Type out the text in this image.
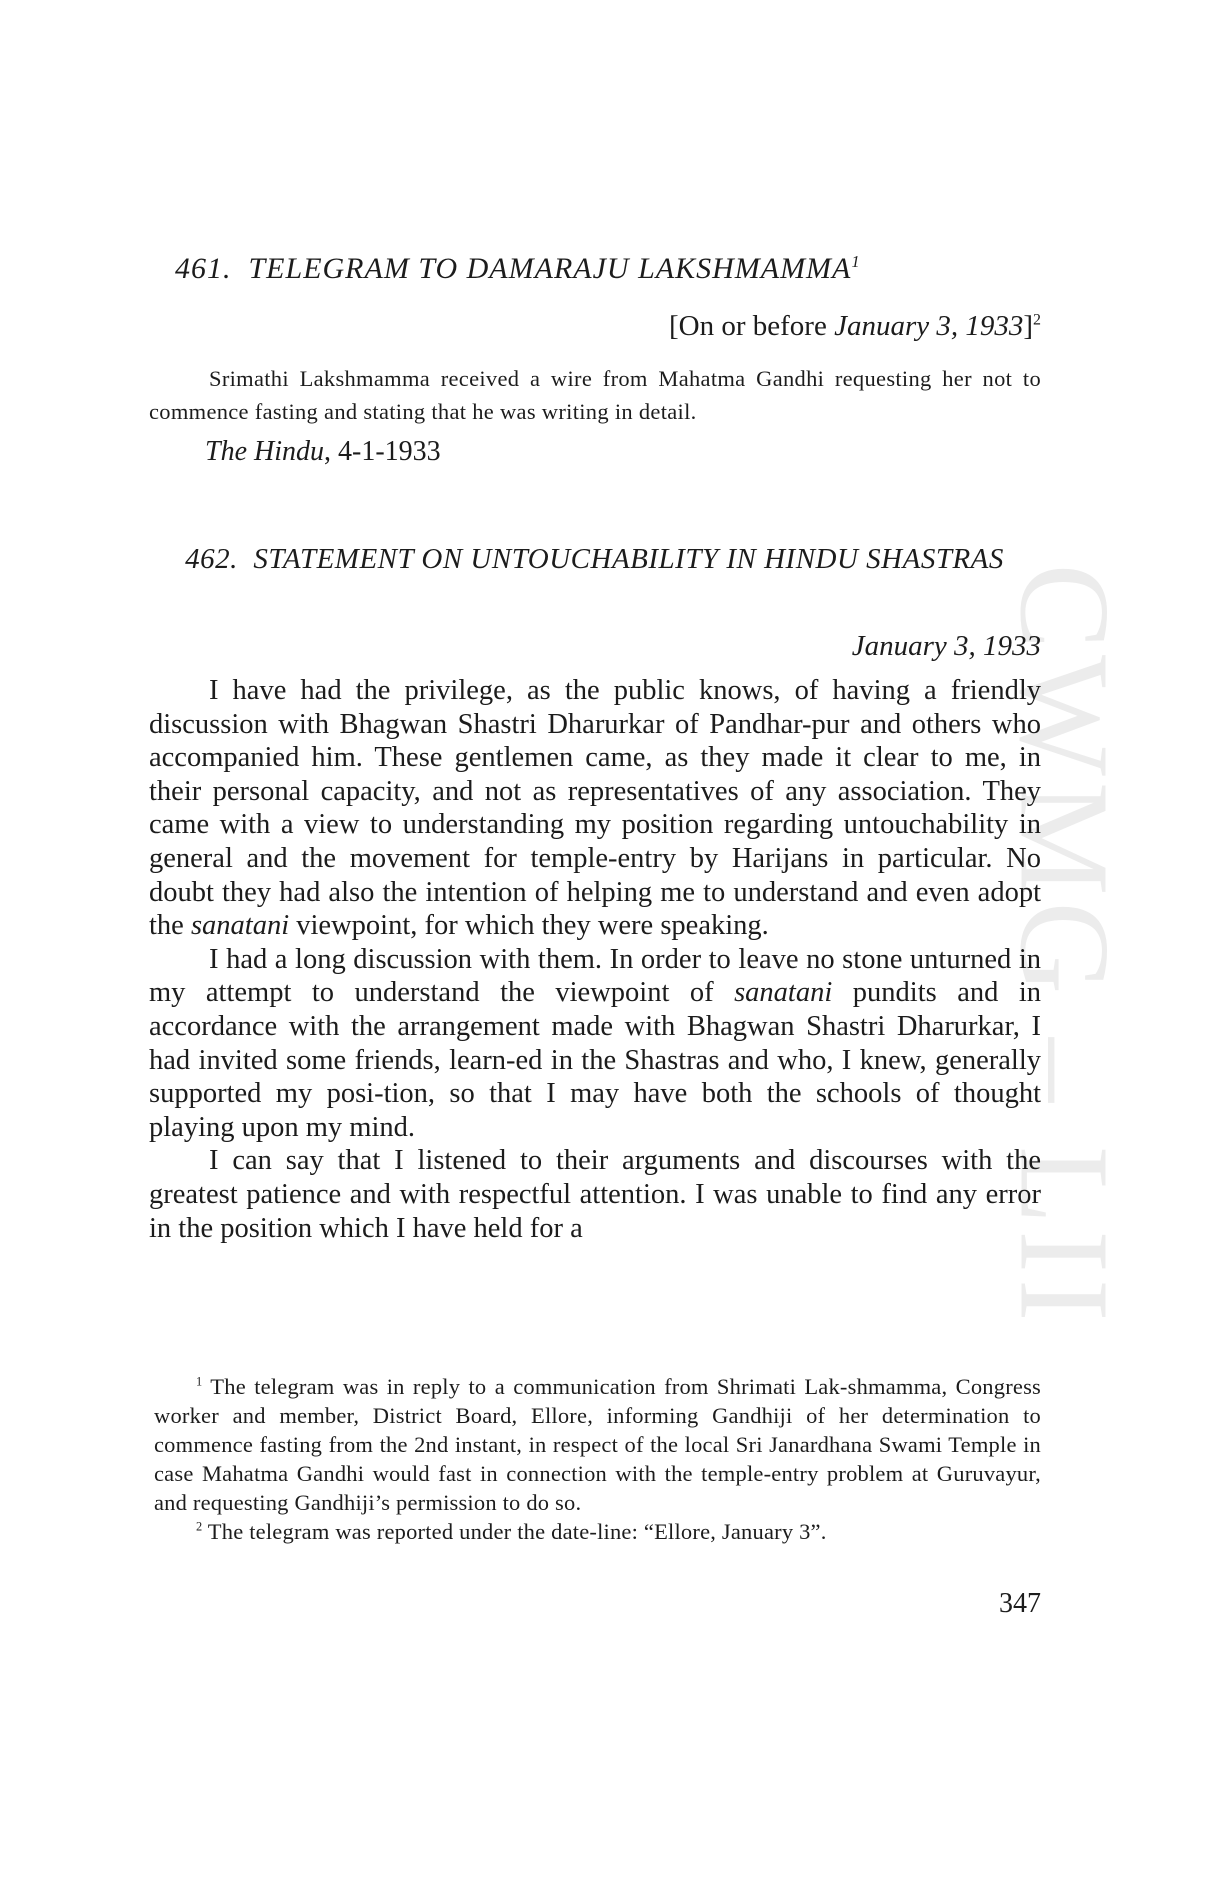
CWMG – LII
461. TELEGRAM TO DAMARAJU LAKSHMAMMA$^1$
[On or before January 3, 1933]$^2$

Srimathi Lakshmamma received a wire from Mahatma Gandhi requesting her not to commence fasting and stating that he was writing in detail.

The Hindu, 4-1-1933
462. STATEMENT ON UNTOUCHABILITY IN HINDU SHASTRAS
January 3, 1933

I have had the privilege, as the public knows, of having a friendly discussion with Bhagwan Shastri Dharurkar of Pandhar-pur and others who accompanied him. These gentlemen came, as they made it clear to me, in their personal capacity, and not as representatives of any association. They came with a view to understanding my position regarding untouchability in general and the movement for temple-entry by Harijans in particular. No doubt they had also the intention of helping me to understand and even adopt the sanatani viewpoint, for which they were speaking.

I had a long discussion with them. In order to leave no stone unturned in my attempt to understand the viewpoint of sanatani pundits and in accordance with the arrangement made with Bhagwan Shastri Dharurkar, I had invited some friends, learn-ed in the Shastras and who, I knew, generally supported my posi-tion, so that I may have both the schools of thought playing upon my mind.

I can say that I listened to their arguments and discourses with the greatest patience and with respectful attention. I was unable to find any error in the position which I have held for a

$^1$ The telegram was in reply to a communication from Shrimati Lak-shmamma, Congress worker and member, District Board, Ellore, informing Gandhiji of her determination to commence fasting from the 2nd instant, in respect of the local Sri Janardhana Swami Temple in case Mahatma Gandhi would fast in connection with the temple-entry problem at Guruvayur, and requesting Gandhiji’s permission to do so.

$^2$ The telegram was reported under the date-line: “Ellore, January 3”.

347
